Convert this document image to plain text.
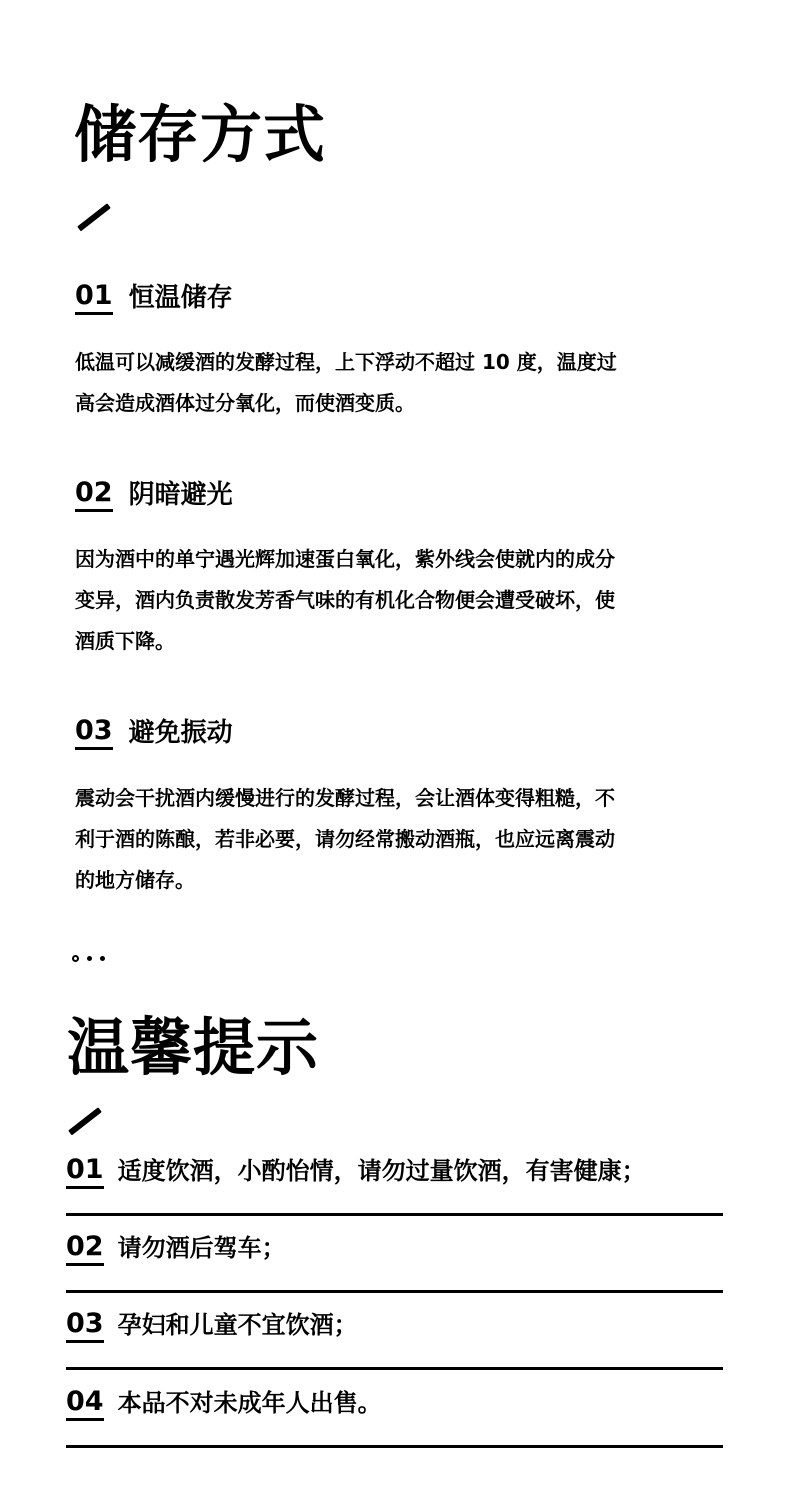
储存方式
01 恒温储存
低温可以减缓酒的发酵过程，上下浮动不超过 10 度，温度过
高会造成酒体过分氧化，而使酒变质。
02 阴暗避光
因为酒中的单宁遇光辉加速蛋白氧化，紫外线会使就内的成分
变异，酒内负责散发芳香气味的有机化合物便会遭受破坏，使
酒质下降。
03 避免振动
震动会干扰酒内缓慢进行的发酵过程，会让酒体变得粗糙，不
利于酒的陈酿，若非必要，请勿经常搬动酒瓶，也应远离震动
的地方储存。
温馨提示
01 适度饮酒，小酌怡情，请勿过量饮酒，有害健康；
02 请勿酒后驾车；
03 孕妇和儿童不宜饮酒；
04 本品不对未成年人出售。
